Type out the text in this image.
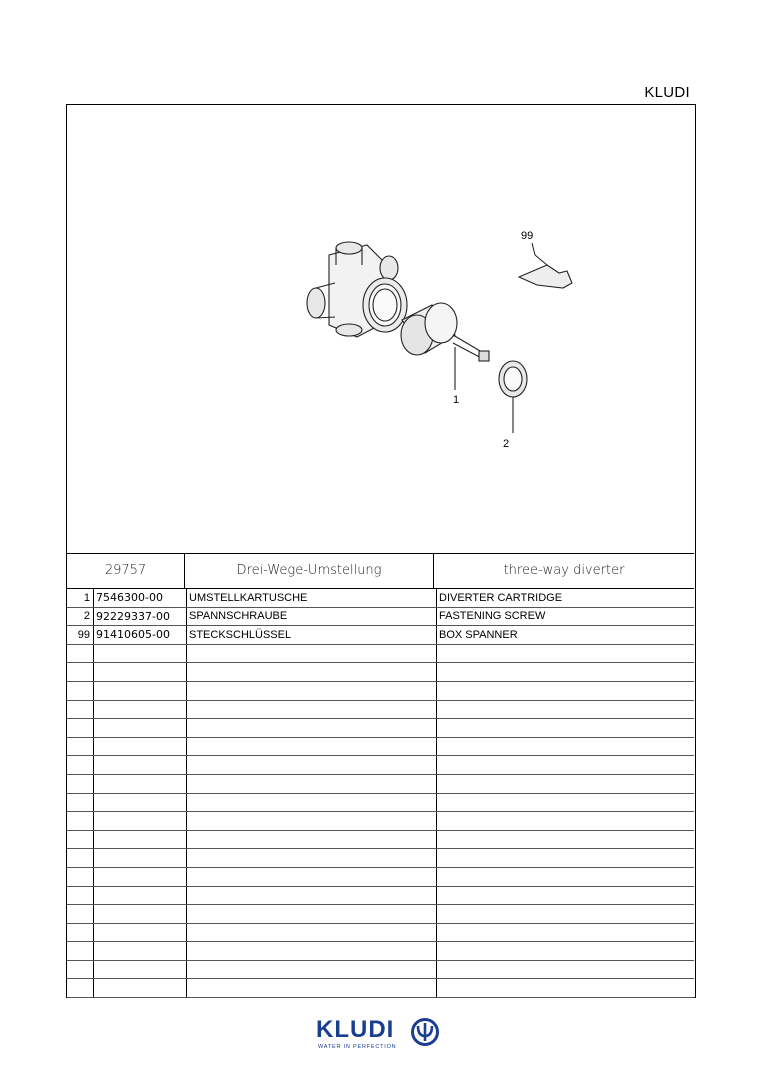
KLUDI
1
2
99
29757	Drei-Wege-Umstellung	three-way diverter
1	7546300-00	UMSTELLKARTUSCHE	DIVERTER CARTRIDGE
2	92229337-00	SPANNSCHRAUBE	FASTENING SCREW
99	91410605-00	STECKSCHLÜSSEL	BOX SPANNER

KLUDI
WATER IN PERFECTION
